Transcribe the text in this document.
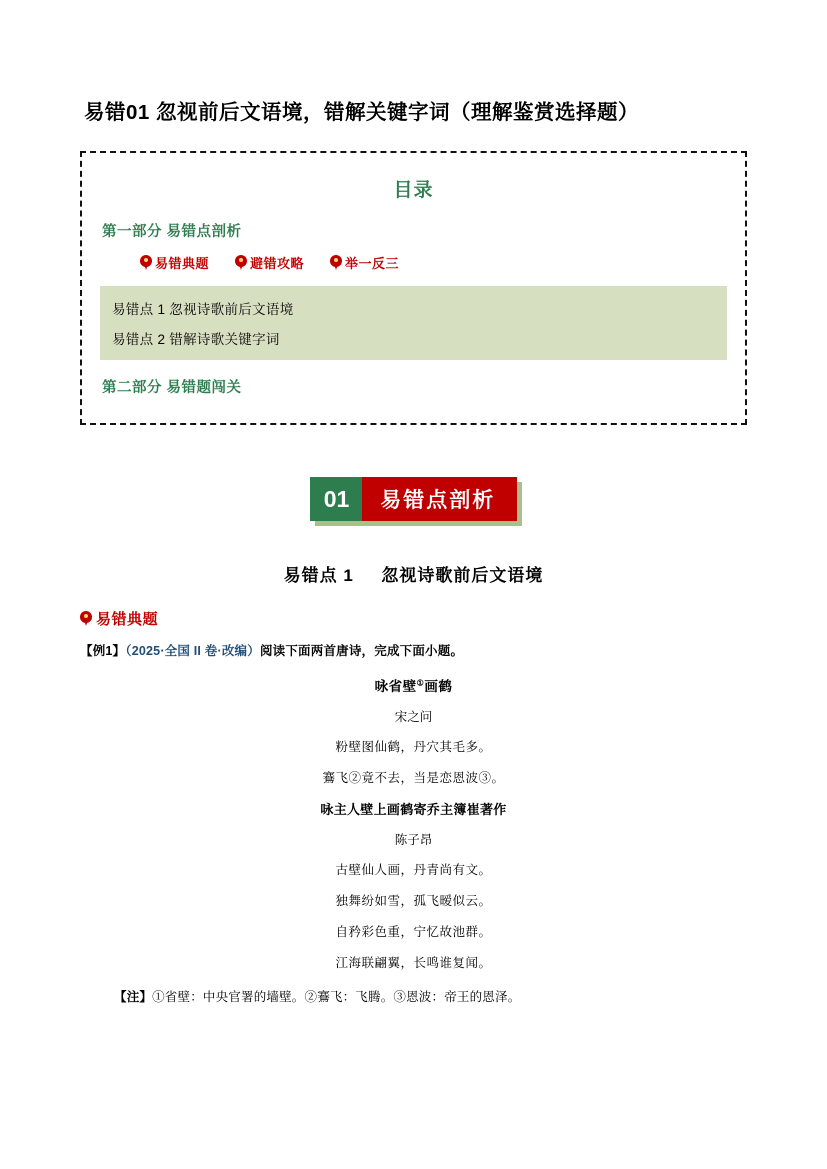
易错01 忽视前后文语境，错解关键字词（理解鉴赏选择题）
目录
第一部分 易错点剖析
易错典题	避错攻略	举一反三
易错点 1 忽视诗歌前后文语境
易错点 2 错解诗歌关键字词
第二部分 易错题闯关
01	易错点剖析
易错点 1 忽视诗歌前后文语境
易错典题
【例1】（2025·全国 II 卷·改编）阅读下面两首唐诗，完成下面小题。
咏省壁①画鹤
宋之问
粉壁图仙鹤，丹穴其毛多。
鶱飞②竟不去，当是恋恩波③。
咏主人壁上画鹤寄乔主簿崔著作
陈子昂
古壁仙人画，丹青尚有文。
独舞纷如雪，孤飞暧似云。
自矜彩色重，宁忆故池群。
江海联翩翼，长鸣谁复闻。
【注】①省壁：中央官署的墙壁。②鶱飞：飞腾。③恩波：帝王的恩泽。
